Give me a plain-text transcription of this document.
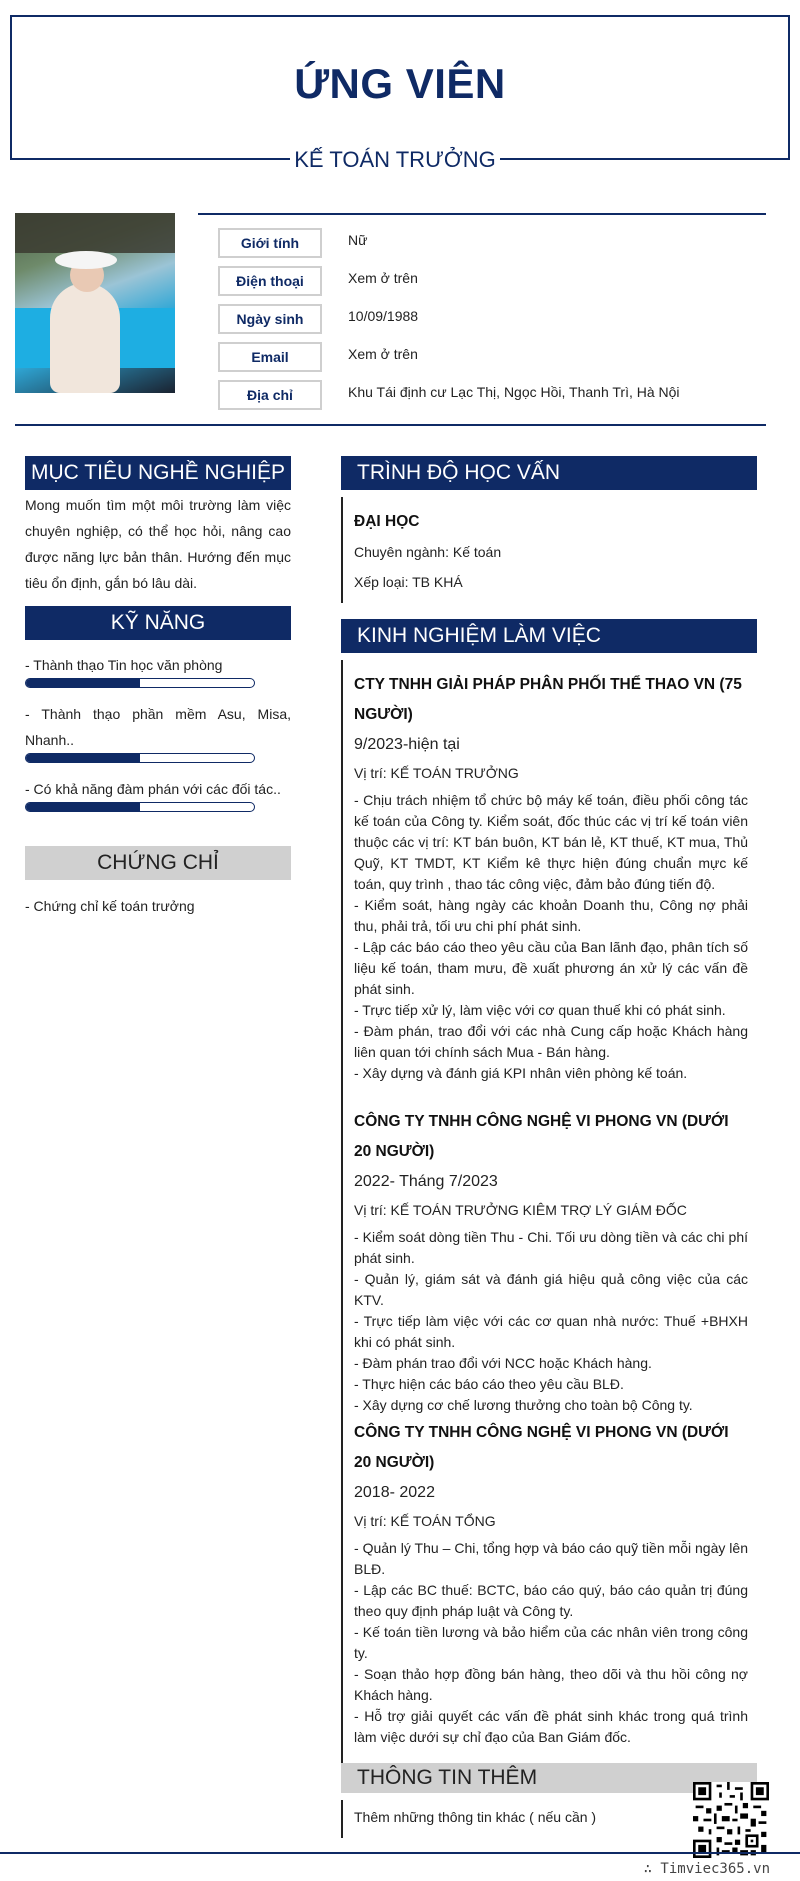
ỨNG VIÊN
KẾ TOÁN TRƯỞNG
Giới tính	Nữ
Điện thoại	Xem ở trên
Ngày sinh	10/09/1988
Email	Xem ở trên
Địa chỉ	Khu Tái định cư Lạc Thị, Ngọc Hồi, Thanh Trì, Hà Nội
MỤC TIÊU NGHỀ NGHIỆP
Mong muốn tìm một môi trường làm việc chuyên nghiệp, có thể học hỏi, nâng cao được năng lực bản thân. Hướng đến mục tiêu ổn định, gắn bó lâu dài.
KỸ NĂNG
- Thành thạo Tin học văn phòng
- Thành thạo phần mềm Asu, Misa, Nhanh..
- Có khả năng đàm phán với các đối tác..
CHỨNG CHỈ
- Chứng chỉ kế toán trưởng
TRÌNH ĐỘ HỌC VẤN
ĐẠI HỌC
Chuyên ngành: Kế toán
Xếp loại: TB KHÁ
KINH NGHIỆM LÀM VIỆC
CTY TNHH GIẢI PHÁP PHÂN PHỐI THỂ THAO VN (75 NGƯỜI)
9/2023-hiện tại
Vị trí: KẾ TOÁN TRƯỞNG
- Chịu trách nhiệm tổ chức bộ máy kế toán, điều phối công tác kế toán của Công ty. Kiểm soát, đốc thúc các vị trí kế toán viên thuộc các vị trí: KT bán buôn, KT bán lẻ, KT thuế, KT mua, Thủ Quỹ, KT TMDT, KT Kiểm kê thực hiện đúng chuẩn mực kế toán, quy trình , thao tác công việc, đảm bảo đúng tiến độ.
- Kiểm soát, hàng ngày các khoản Doanh thu, Công nợ phải thu, phải trả, tối ưu chi phí phát sinh.
- Lập các báo cáo theo yêu cầu của Ban lãnh đạo, phân tích số liệu kế toán, tham mưu, đề xuất phương án xử lý các vấn đề phát sinh.
- Trực tiếp xử lý, làm việc với cơ quan thuế khi có phát sinh.
- Đàm phán, trao đổi với các nhà Cung cấp hoặc Khách hàng liên quan tới chính sách Mua - Bán hàng.
- Xây dựng và đánh giá KPI nhân viên phòng kế toán.
CÔNG TY TNHH CÔNG NGHỆ VI PHONG VN (DƯỚI 20 NGƯỜI)
2022- Tháng 7/2023
Vị trí: KẾ TOÁN TRƯỞNG KIÊM TRỢ LÝ GIÁM ĐỐC
- Kiểm soát dòng tiền Thu - Chi. Tối ưu dòng tiền và các chi phí phát sinh.
- Quản lý, giám sát và đánh giá hiệu quả công việc của các KTV.
- Trực tiếp làm việc với các cơ quan nhà nước: Thuế +BHXH khi có phát sinh.
- Đàm phán trao đổi với NCC hoặc Khách hàng.
- Thực hiện các báo cáo theo yêu cầu BLĐ.
- Xây dựng cơ chế lương thưởng cho toàn bộ Công ty.
CÔNG TY TNHH CÔNG NGHỆ VI PHONG VN (DƯỚI 20 NGƯỜI)
2018- 2022
Vị trí: KẾ TOÁN TỔNG
- Quản lý Thu – Chi, tổng hợp và báo cáo quỹ tiền mỗi ngày lên BLĐ.
- Lập các BC thuế: BCTC, báo cáo quý, báo cáo quản trị đúng theo quy định pháp luật và Công ty.
- Kế toán tiền lương và bảo hiểm của các nhân viên trong công ty.
- Soạn thảo hợp đồng bán hàng, theo dõi và thu hồi công nợ Khách hàng.
- Hỗ trợ giải quyết các vấn đề phát sinh khác trong quá trình làm việc dưới sự chỉ đạo của Ban Giám đốc.
THÔNG TIN THÊM
Thêm những thông tin khác ( nếu cần )
∴ Timviec365.vn
